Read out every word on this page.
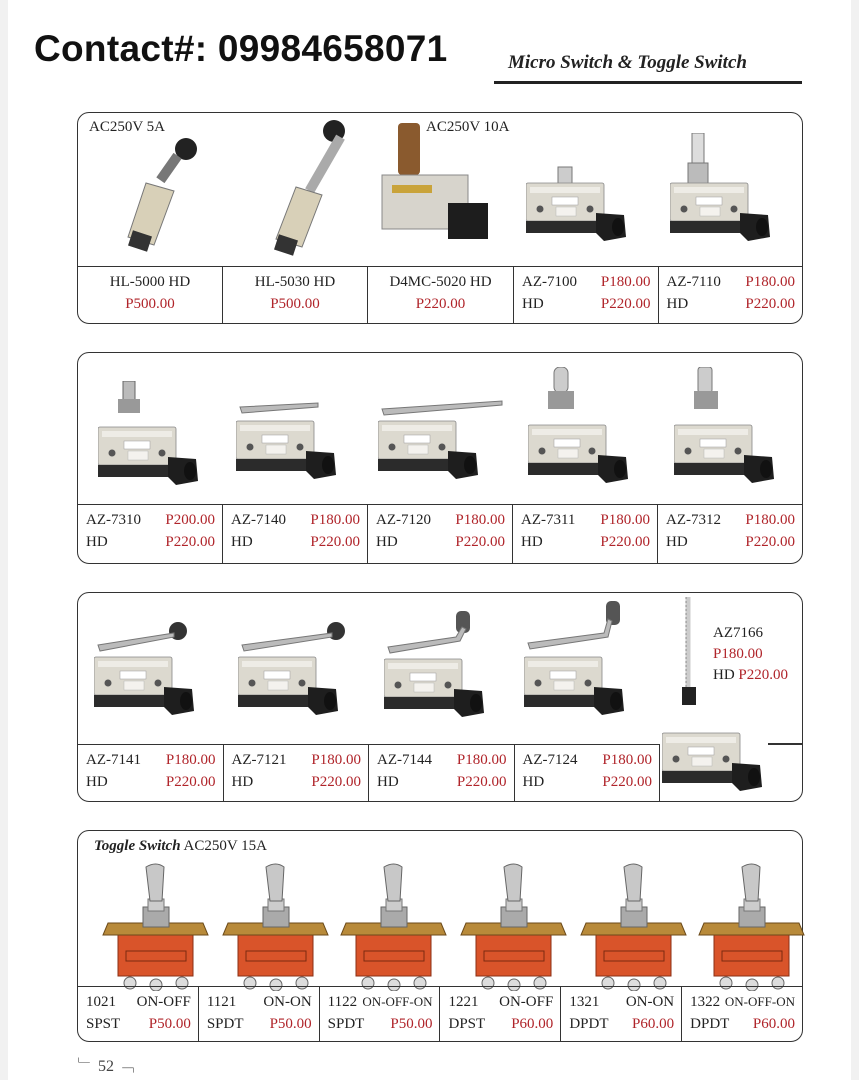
Contact#: 09984658071	Micro Switch & Toggle Switch
AC250V 5A	AC250V 10A
HL-5000 HD
P500.00
HL-5030 HD
P500.00
D4MC-5020 HD
P220.00
AZ-7100 P180.00
HD	P220.00
AZ-7110 P180.00
HD	P220.00
AZ-7310 P200.00
HD	P220.00
AZ-7140 P180.00
HD	P220.00
AZ-7120 P180.00
HD	P220.00
AZ-7311 P180.00
HD	P220.00
AZ-7312 P180.00
HD	P220.00
AZ-7141 P180.00
HD	P220.00
AZ-7121 P180.00
HD	P220.00
AZ-7144 P180.00
HD	P220.00
AZ-7124 P180.00
HD	P220.00
AZ7166
P180.00
HD P220.00
Toggle Switch AC250V 15A
1021 ON-OFF
SPST P50.00
1121 ON-ON
SPDT P50.00
1122 ON-OFF-ON
SPDT P50.00
1221 ON-OFF
DPST P60.00
1321 ON-ON
DPDT P60.00
1322 ON-OFF-ON
DPDT P60.00
﹂ 52 ﹁
